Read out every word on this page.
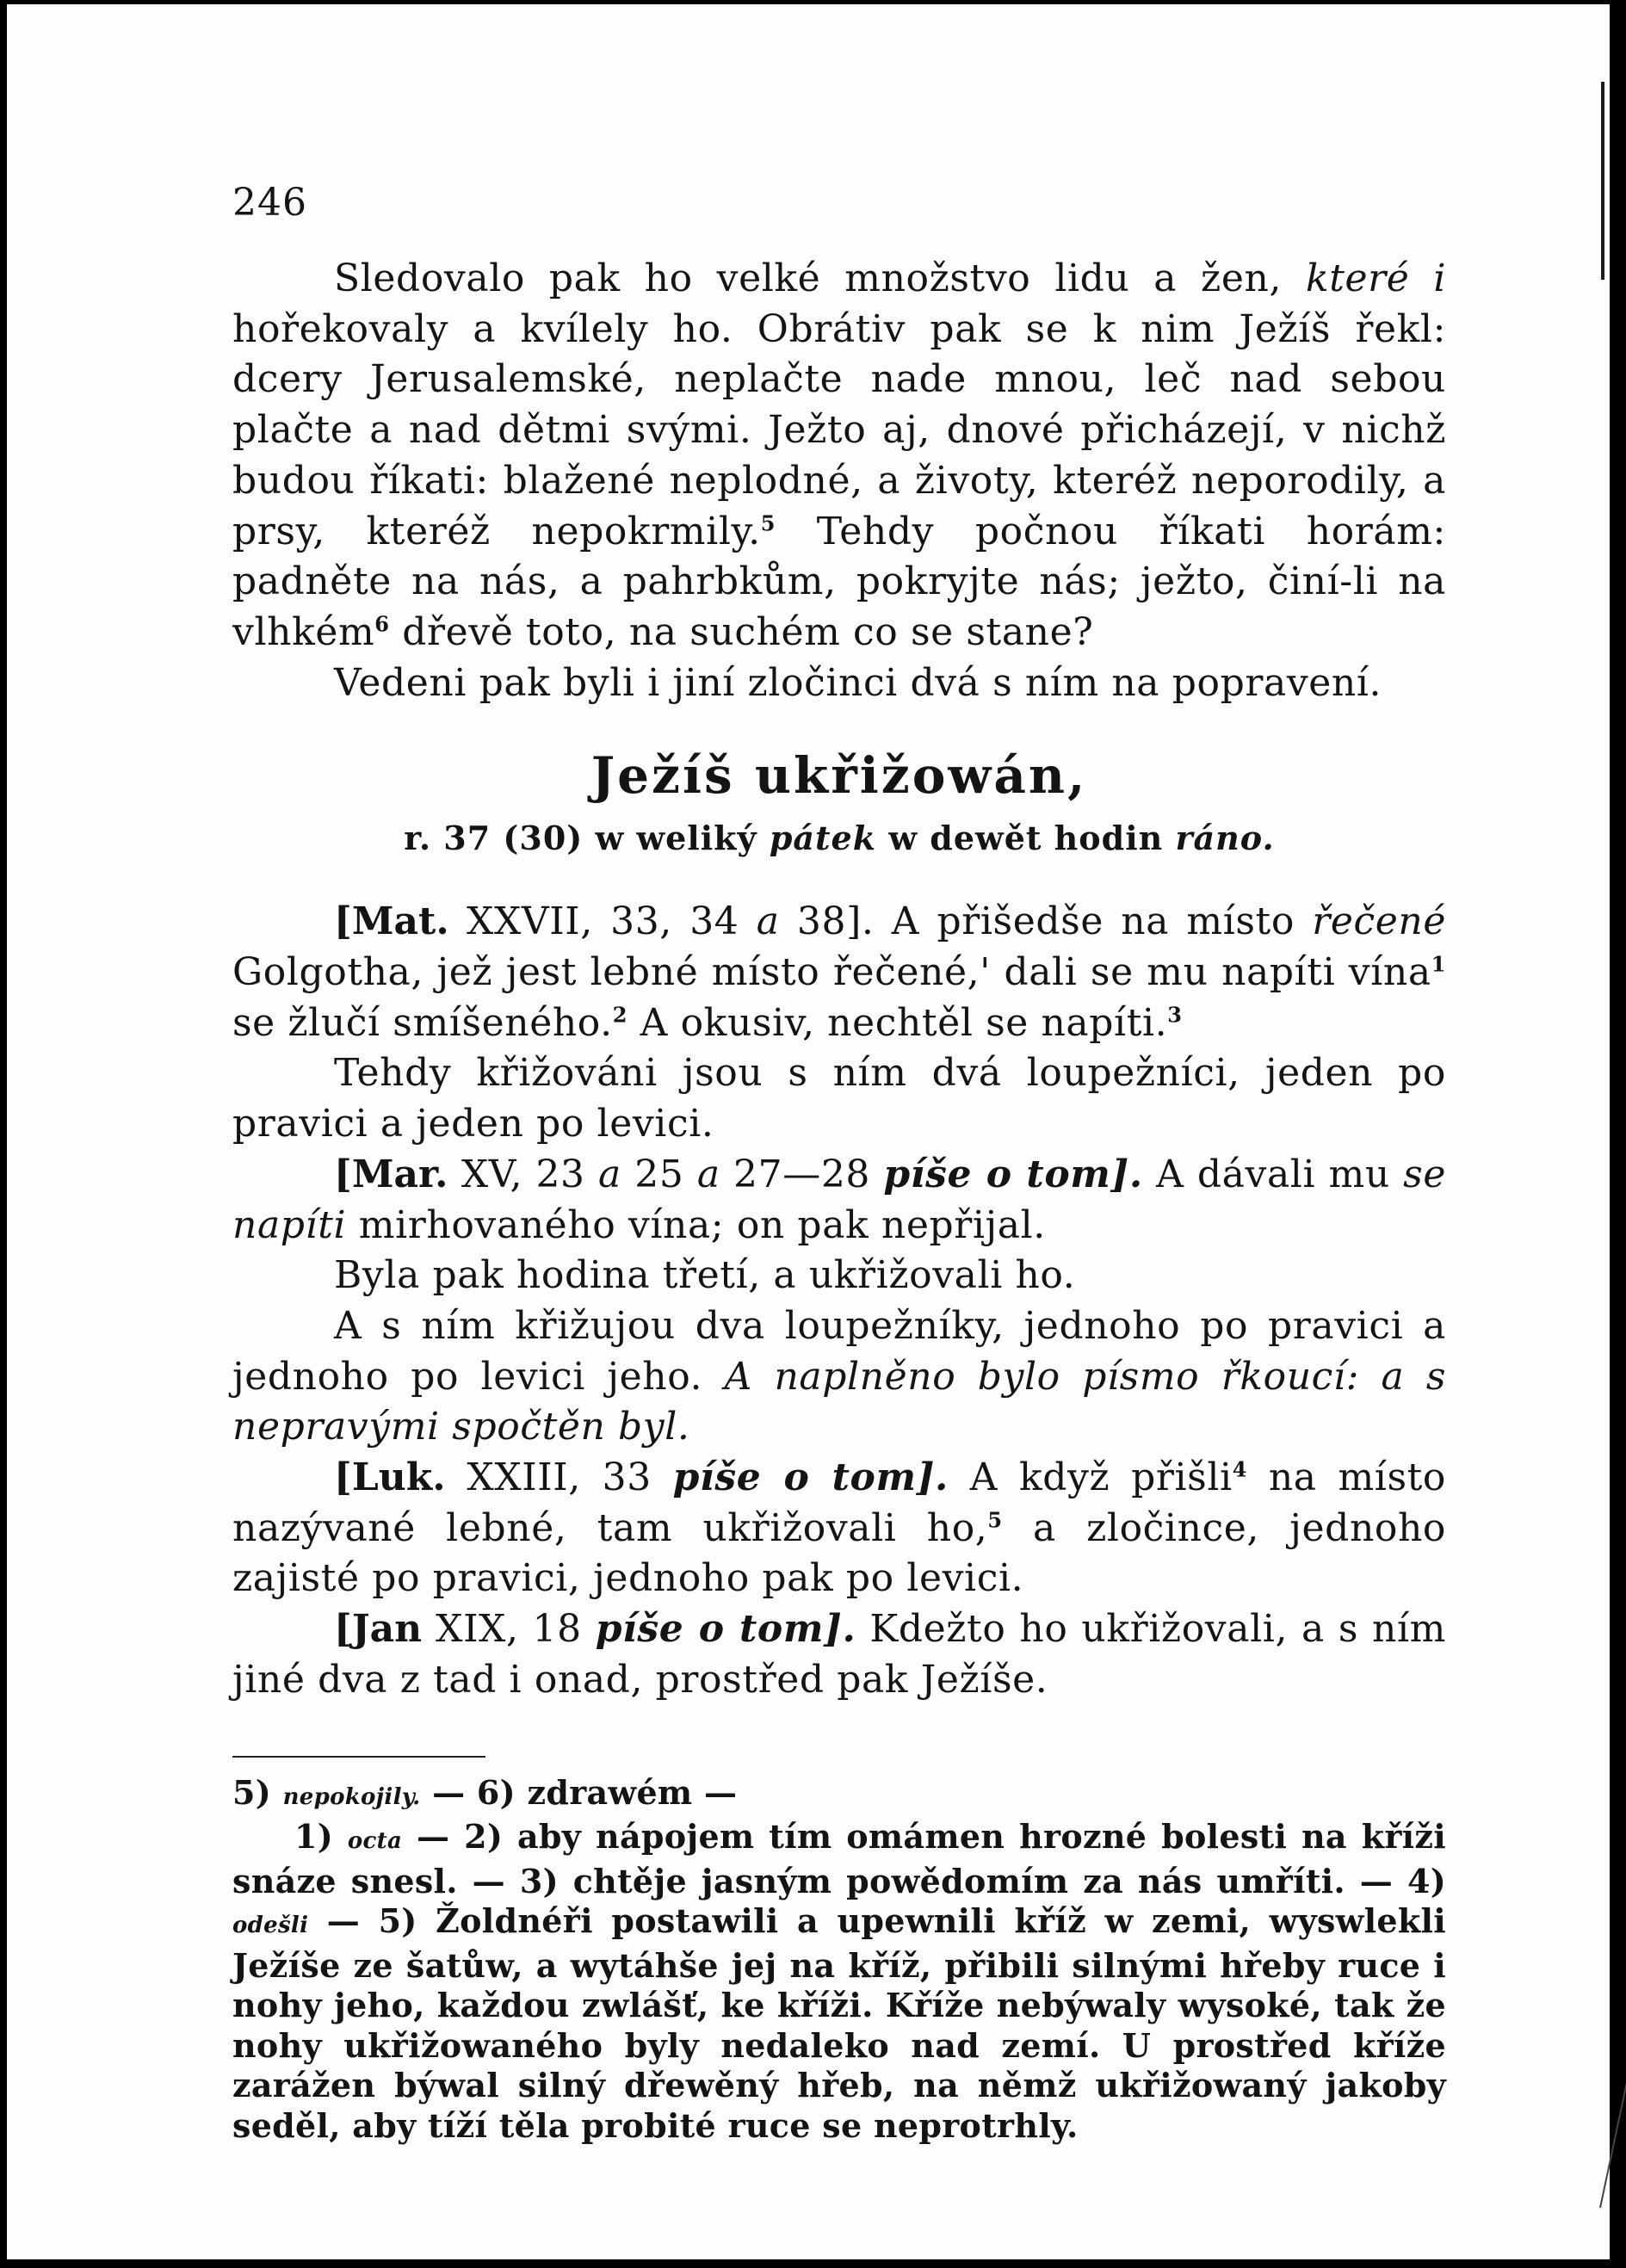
246

Sledovalo pak ho velké množstvo lidu a žen, které i hořekovaly a kvílely ho. Obrátiv pak se k nim Ježíš řekl: dcery Jerusalemské, neplačte nade mnou, leč nad sebou plačte a nad dětmi svými. Ježto aj, dnové přicházejí, v nichž budou říkati: blažené neplodné, a životy, kteréž neporodily, a prsy, kteréž nepokrmily.$^5$ Tehdy počnou říkati horám: padněte na nás, a pahrbkům, pokryjte nás; ježto, činí-li na vlhkém$^6$ dřevě toto, na suchém co se stane?

Vedeni pak byli i jiní zločinci dvá s ním na popravení.

Ježíš ukřižowán,
r. 37 (30) w weliký pátek w dewět hodin ráno.

[Mat. XXVII, 33, 34 a 38]. A přišedše na místo řečené Golgotha, jež jest lebné místo řečené,' dali se mu napíti vína$^1$ se žlučí smíšeného.$^2$ A okusiv, nechtěl se napíti.$^3$

Tehdy křižováni jsou s ním dvá loupežníci, jeden po pravici a jeden po levici.

[Mar. XV, 23 a 25 a 27—28 píše o tom]. A dávali mu se napíti mirhovaného vína; on pak nepřijal.

Byla pak hodina třetí, a ukřižovali ho.

A s ním křižujou dva loupežníky, jednoho po pravici a jednoho po levici jeho. A naplněno bylo písmo řkoucí: a s nepravými spočtěn byl.

[Luk. XXIII, 33 píše o tom]. A když přišli$^4$ na místo nazývané lebné, tam ukřižovali ho,$^5$ a zločince, jednoho zajisté po pravici, jednoho pak po levici.

[Jan XIX, 18 píše o tom]. Kdežto ho ukřižovali, a s ním jiné dva z tad i onad, prostřed pak Ježíše.

5) nepokojily. — 6) zdrawém —

1) octa — 2) aby nápojem tím omámen hrozné bolesti na kříži snáze snesl. — 3) chtěje jasným powědomím za nás umříti. — 4) odešli — 5) Žoldnéři postawili a upewnili kříž w zemi, wyswlekli Ježíše ze šatůw, a wytáhše jej na kříž, přibili silnými hřeby ruce i nohy jeho, každou zwlášť, ke kříži. Kříže nebýwaly wysoké, tak že nohy ukřižowaného byly nedaleko nad zemí. U prostřed kříže zarážen býwal silný dřewěný hřeb, na němž ukřižowaný jakoby seděl, aby tíží těla probité ruce se neprotrhly.
